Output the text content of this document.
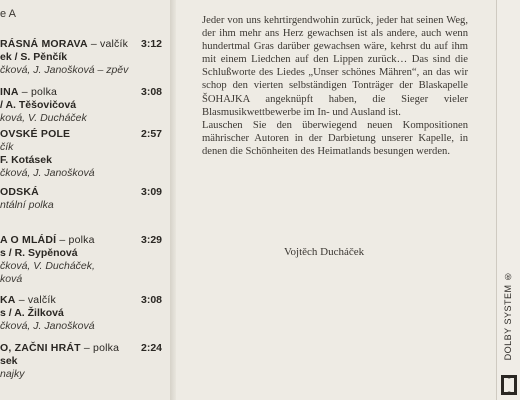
e A
RÁSNÁ MORAVA – valčík 3:12
ek / S. Pěnčík
čková, J. Janošková – zpěv
INA – polka	3:08
/ A. Těšovičová
ková, V. Ducháček
OVSKÉ POLE	2:57
čík
F. Kotásek
čková, J. Janošková
ODSKÁ	3:09
ntální polka
A O MLÁDÍ – polka	3:29
s / R. Sypěnová
čková, V. Ducháček,
ková
KA – valčík	3:08
s / A. Žilková
čková, J. Janošková
O, ZAČNI HRÁT – polka 2:24
sek
najky

Jeder von uns kehrtirgendwohin zurück, jeder hat seinen Weg, der ihm mehr ans Herz gewachsen ist als andere, auch wenn hundertmal Gras darüber gewachsen wäre, kehrst du auf ihm mit einem Liedchen auf den Lippen zurück… Das sind die Schlußworte des Liedes „Unser schönes Mähren“, an das wir schop den vierten selbständigen Tonträger der Blaskapelle ŠOHAJKA angeknüpft haben, die Sieger vieler Blasmusikwettbewerbe im In- und Ausland ist.

Lauschen Sie den überwiegend neuen Kompositionen mährischer Autoren in der Darbietung unserer Kapelle, in denen die Schönheiten des Heimatlands besungen werden.

Vojtěch Ducháček
DOLBY SYSTEM ®
